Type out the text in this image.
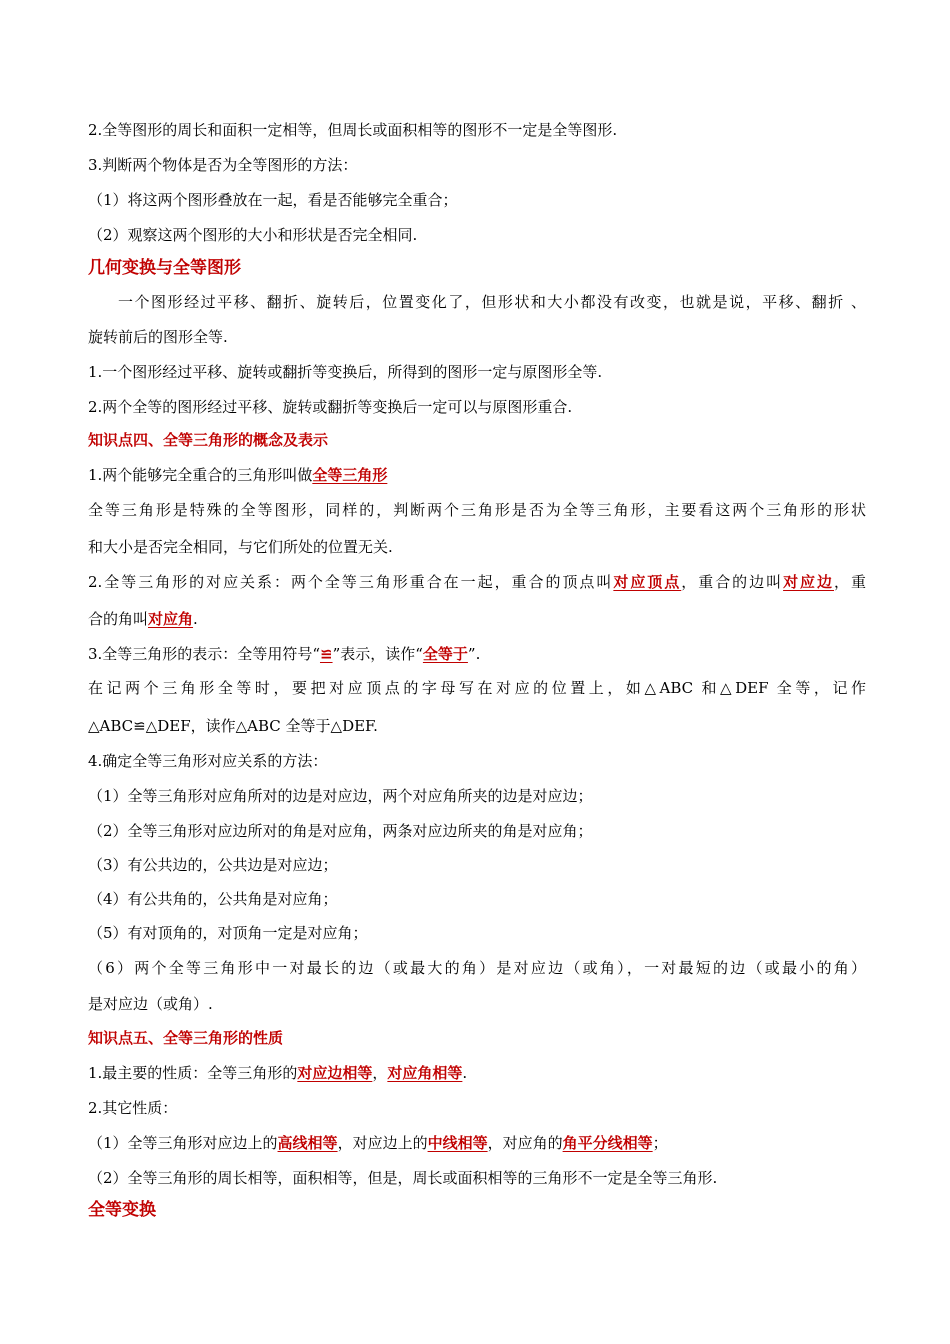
2.全等图形的周长和面积一定相等，但周长或面积相等的图形不一定是全等图形.
3.判断两个物体是否为全等图形的方法：
（1）将这两个图形叠放在一起，看是否能够完全重合；
（2）观察这两个图形的大小和形状是否完全相同.
几何变换与全等图形
一个图形经过平移、翻折、旋转后，位置变化了，但形状和大小都没有改变，也就是说，平移、翻折 、
旋转前后的图形全等.
1.一个图形经过平移、旋转或翻折等变换后，所得到的图形一定与原图形全等.
2.两个全等的图形经过平移、旋转或翻折等变换后一定可以与原图形重合.
知识点四、全等三角形的概念及表示
1.两个能够完全重合的三角形叫做全等三角形
全等三角形是特殊的全等图形，同样的，判断两个三角形是否为全等三角形，主要看这两个三角形的形状
和大小是否完全相同，与它们所处的位置无关.
2.全等三角形的对应关系：两个全等三角形重合在一起，重合的顶点叫对应顶点，重合的边叫对应边，重
合的角叫对应角.
3.全等三角形的表示：全等用符号“≌”表示，读作“全等于”.
在记两个三角形全等时，要把对应顶点的字母写在对应的位置上，如△ABC 和△DEF 全等，记作
△ABC≌△DEF，读作△ABC 全等于△DEF.
4.确定全等三角形对应关系的方法：
（1）全等三角形对应角所对的边是对应边，两个对应角所夹的边是对应边；
（2）全等三角形对应边所对的角是对应角，两条对应边所夹的角是对应角；
（3）有公共边的，公共边是对应边；
（4）有公共角的，公共角是对应角；
（5）有对顶角的，对顶角一定是对应角；
（6）两个全等三角形中一对最长的边（或最大的角）是对应边（或角），一对最短的边（或最小的角）
是对应边（或角）.
知识点五、全等三角形的性质
1.最主要的性质：全等三角形的对应边相等，对应角相等.
2.其它性质：
（1）全等三角形对应边上的高线相等，对应边上的中线相等，对应角的角平分线相等；
（2）全等三角形的周长相等，面积相等，但是，周长或面积相等的三角形不一定是全等三角形.
全等变换
